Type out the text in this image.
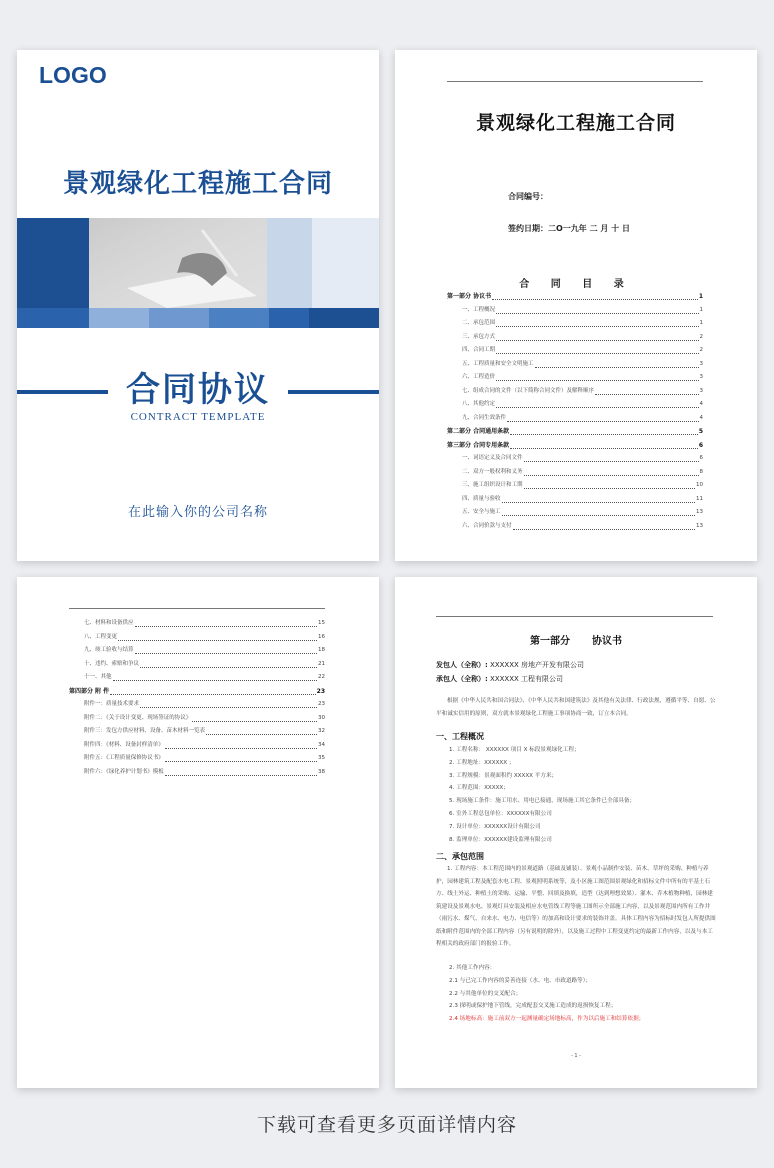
LOGO
景观绿化工程施工合同
合同协议
CONTRACT TEMPLATE
在此输入你的公司名称
景观绿化工程施工合同
合同编号：
签约日期：二O一九年 二 月 十 日
合 同 目 录
第一部分 协议书	1
一、工程概况	1
二、承包范围	1
三、承包方式	2
四、合同工期	2
五、工程质量和安全文明施工	3
六、工程造价	3
七、组成合同的文件（以下简称合同文件）及解释顺序	3
八、其他约定	4
九、合同生效条件	4
第二部分 合同通用条款	5
第三部分 合同专用条款	6
一、词语定义及合同文件	6
二、双方一般权利和义务	8
三、施工组织设计和工期	10
四、质量与验收	11
五、安全与施工	13
六、合同价款与支付	13
七、材料和设备供应	15
八、工程变更	16
九、竣工验收与结算	18
十、违约、索赔和争议	21
十一、其他	22
第四部分 附 件	23
附件一：质量技术要求	23
附件二：《关于设计变更、现场签证的协议》	30
附件三：发包方供应材料、设备、苗木材料一览表	32
附件四：《材料、设备封样清单》	34
附件五：《工程质量保修协议书》	35
附件六：《绿化养护计划书》模板	38
第一部分 协议书
发包人（全称）: XXXXXX 房地产开发有限公司
承包人（全称）: XXXXXX 工程有限公司
根据《中华人民共和国合同法》、《中华人民共和国建筑法》及其他有关法律、行政法规，遵循平等、自愿、公平和诚实信用的原则，双方就本景观绿化工程施工事项协商一致，订立本合同。
一、工程概况
1. 工程名称： XXXXXX 项目 X 标段景观绿化工程；
2. 工程地址：XXXXXX ；
3. 工程规模：景观面积约 XXXXX 平方米；
4. 工程范围：XXXXX；
5. 现场施工条件：施工用水、用电已接通，现场施工其它条件已全部具备；
6. 室外工程总包单位：XXXXXX有限公司
7. 设计单位：XXXXXX设计有限公司
8. 监理单位：XXXXXX建设监理有限公司
二、承包范围
1. 工程内容：本工程范围内的景观道路（基础及铺装）、景观小品制作安装、苗木、草坪的采购、种植与养护，园林建筑工程及配套水电工程、景观照明系统等，及小区施工图范围景观绿化和招标文件中所有的平基土石方、线土外运、种植土的采购、运输、平整、回填及换填，造型（达到理想效果）、灌木、乔木植物种植，园林建筑建设及景观水电、景观灯具安装及相应水电管线工程等施工图所示全部施工内容，以及景观范围内所有工作井（雨污水、煤气、自来水、电力、电信等）的加高和设计要求的装饰井盖。具体工程内容为招标时发包人所提供图纸和附件范围内的全部工程内容（另有说明的除外），以及施工过程中工程变更约定的最新工作内容，以及与本工程相关的政府部门的报验工作。
2. 其他工作内容：
2.1 与已完工作内容的妥善连接（水、电、市政道路等）；
2.2 与其他单位的交叉配合；
2.3 探明或保护地下管线，完成配套交叉施工造成的返损恢复工程；
2.4 场地标高：施工前双方一起测量确定场地标高，作为以后施工和结算依据；
- 1 -
下载可查看更多页面详情内容
